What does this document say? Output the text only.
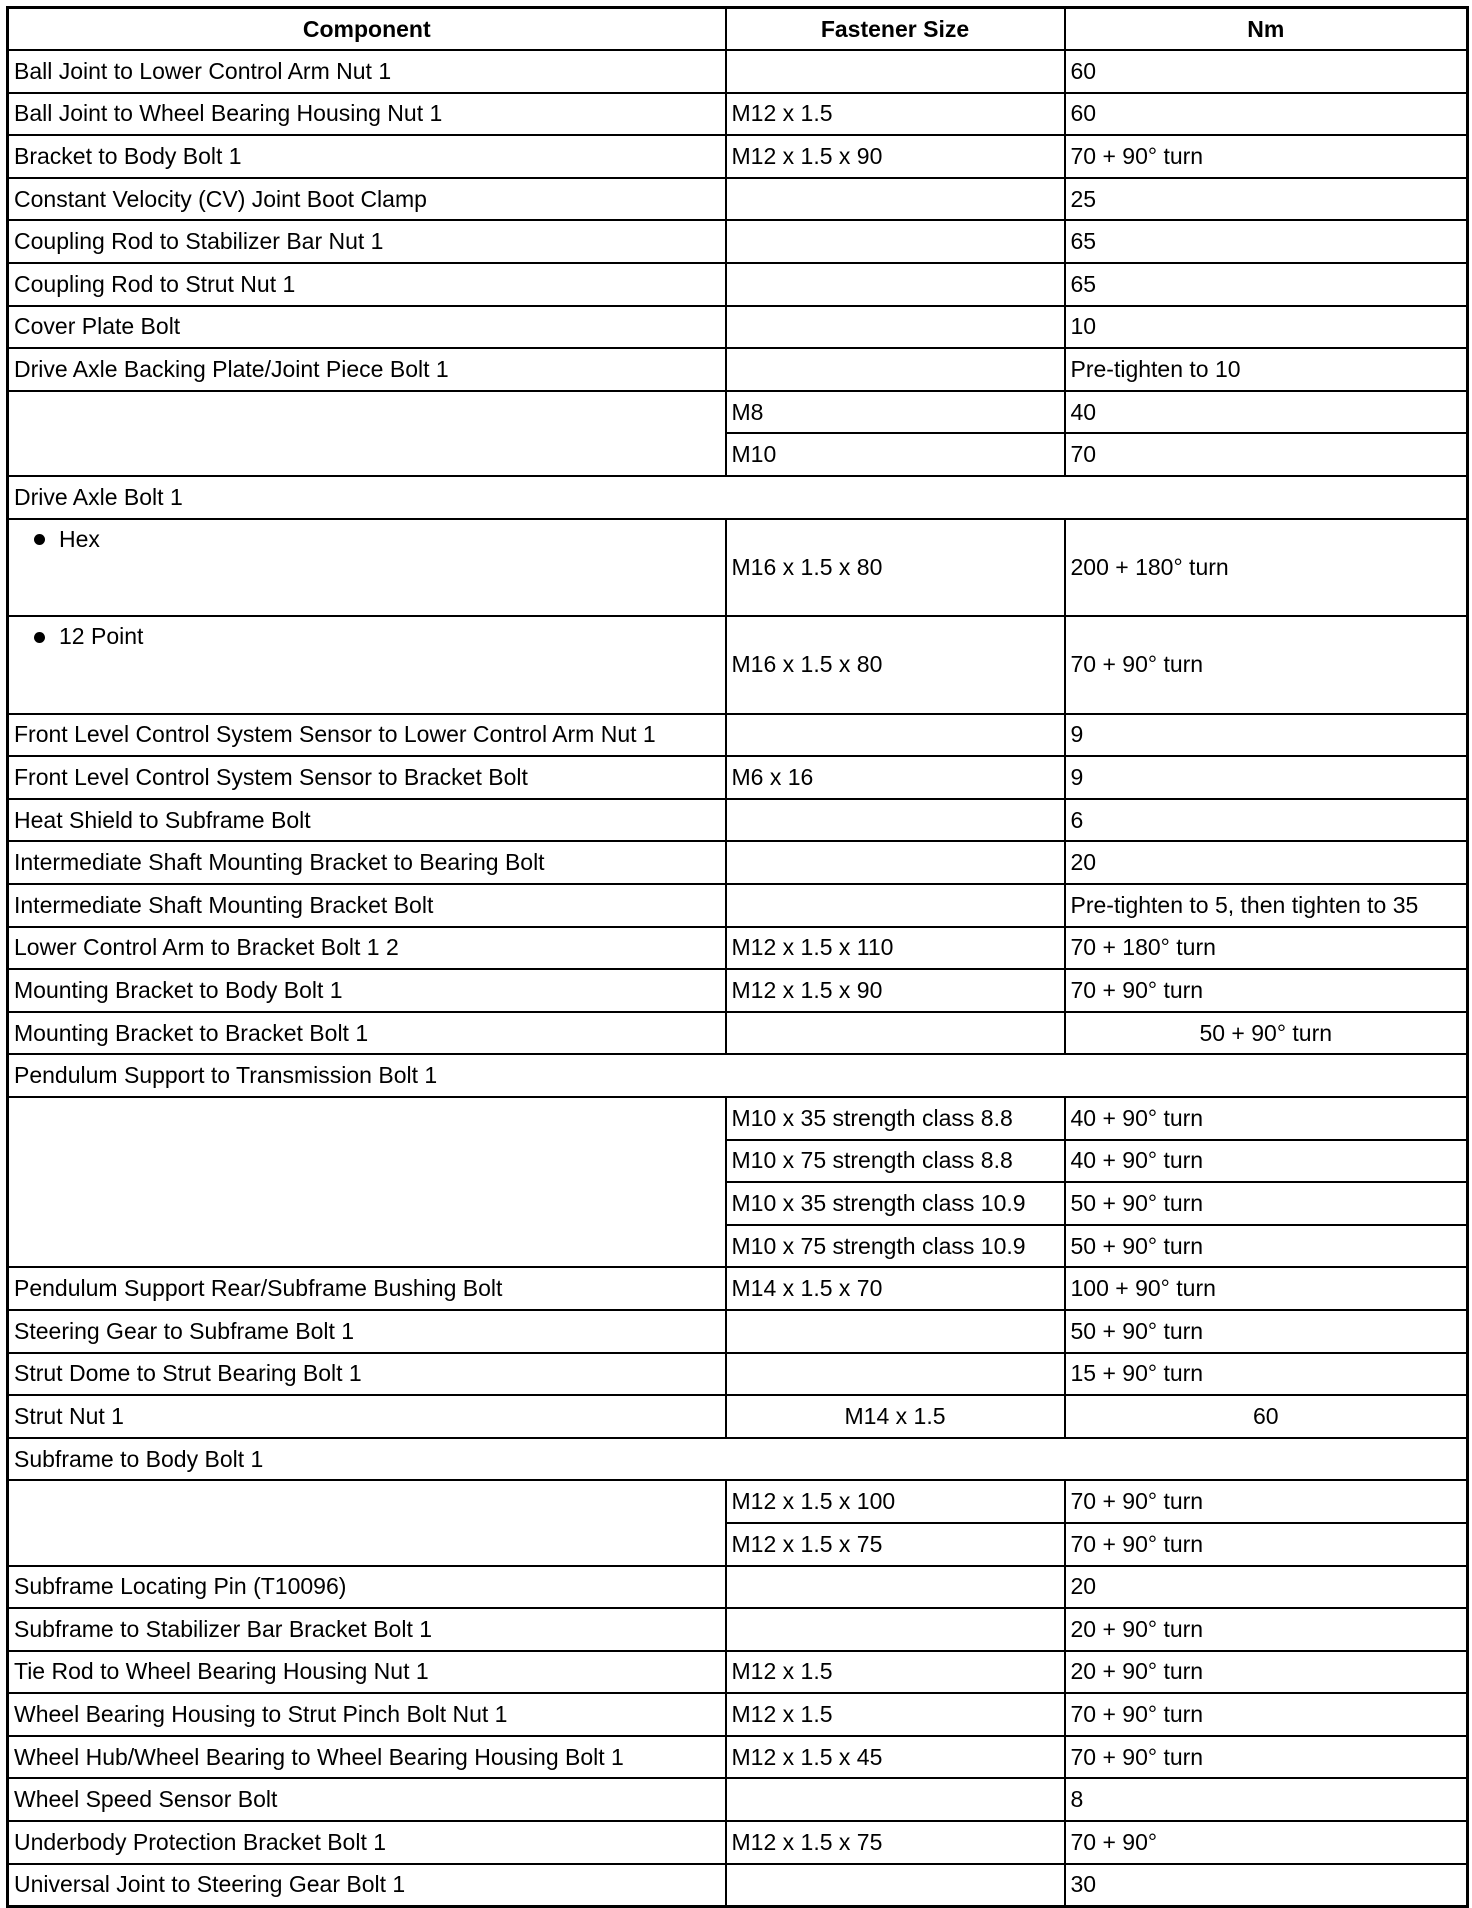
Component	Fastener Size	Nm
Ball Joint to Lower Control Arm Nut 1		60
Ball Joint to Wheel Bearing Housing Nut 1	M12 x 1.5	60
Bracket to Body Bolt 1	M12 x 1.5 x 90	70 + 90° turn
Constant Velocity (CV) Joint Boot Clamp		25
Coupling Rod to Stabilizer Bar Nut 1		65
Coupling Rod to Strut Nut 1		65
Cover Plate Bolt		10
Drive Axle Backing Plate/Joint Piece Bolt 1		Pre-tighten to 10
	M8	40
	M10	70
Drive Axle Bolt 1		
Hex	M16 x 1.5 x 80	200 + 180° turn
12 Point	M16 x 1.5 x 80	70 + 90° turn
Front Level Control System Sensor to Lower Control Arm Nut 1		9
Front Level Control System Sensor to Bracket Bolt	M6 x 16	9
Heat Shield to Subframe Bolt		6
Intermediate Shaft Mounting Bracket to Bearing Bolt		20
Intermediate Shaft Mounting Bracket Bolt		Pre-tighten to 5, then tighten to 35
Lower Control Arm to Bracket Bolt 1 2	M12 x 1.5 x 110	70 + 180° turn
Mounting Bracket to Body Bolt 1	M12 x 1.5 x 90	70 + 90° turn
Mounting Bracket to Bracket Bolt 1		50 + 90° turn
Pendulum Support to Transmission Bolt 1		
	M10 x 35 strength class 8.8	40 + 90° turn
	M10 x 75 strength class 8.8	40 + 90° turn
	M10 x 35 strength class 10.9	50 + 90° turn
	M10 x 75 strength class 10.9	50 + 90° turn
Pendulum Support Rear/Subframe Bushing Bolt	M14 x 1.5 x 70	100 + 90° turn
Steering Gear to Subframe Bolt 1		50 + 90° turn
Strut Dome to Strut Bearing Bolt 1		15 + 90° turn
Strut Nut 1	M14 x 1.5	60
Subframe to Body Bolt 1		
	M12 x 1.5 x 100	70 + 90° turn
	M12 x 1.5 x 75	70 + 90° turn
Subframe Locating Pin (T10096)		20
Subframe to Stabilizer Bar Bracket Bolt 1		20 + 90° turn
Tie Rod to Wheel Bearing Housing Nut 1	M12 x 1.5	20 + 90° turn
Wheel Bearing Housing to Strut Pinch Bolt Nut 1	M12 x 1.5	70 + 90° turn
Wheel Hub/Wheel Bearing to Wheel Bearing Housing Bolt 1	M12 x 1.5 x 45	70 + 90° turn
Wheel Speed Sensor Bolt		8
Underbody Protection Bracket Bolt 1	M12 x 1.5 x 75	70 + 90°
Universal Joint to Steering Gear Bolt 1		30
